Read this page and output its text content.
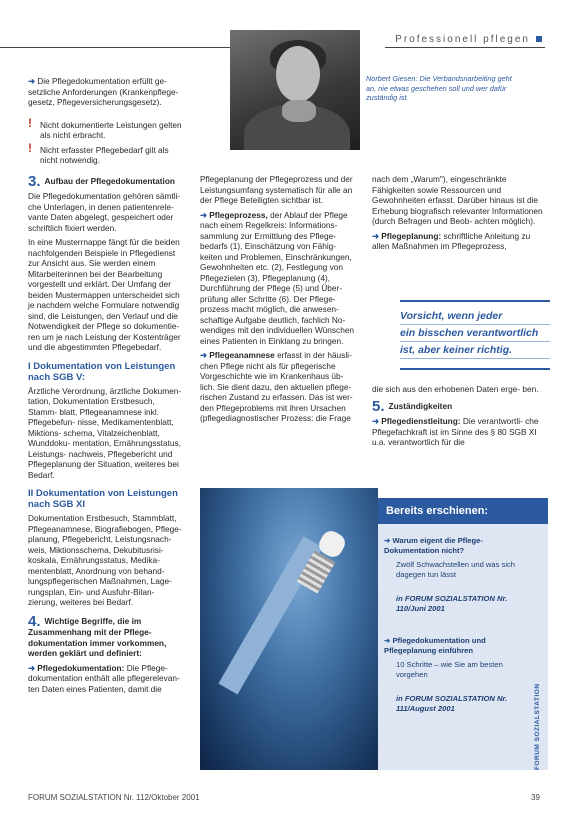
Professionell pflegen
Norbert Giesen: Die Verbandsnarbeiting geht an, nie etwas geschehen soll und wer dafür zuständig ist.

➜ Die Pflegedokumentation erfüllt ge- setzliche Anforderungen (Krankenpflege- gesetz, Pflegeversicherungsgesetz).

! Nicht dokumentierte Leistungen gelten als nicht erbracht.

! Nicht erfasster Pflegebedarf gilt als nicht notwendig.

3. Aufbau der Pflegedokumentation

Die Pflegedokumentation gehören sämtli- che Unterlagen, in denen patientenrele- vante Daten abgelegt, gespeichert oder schriftlich fixiert werden.

In eine Musterrnappe fängt für die beiden nachfolgenden Beispiele in Pflegedienst zur Ansicht aus. Sie werden einem Mitarbeiterinnen bei der Bearbeitung vorgestellt und erklärt. Der Umfang der beiden Mustermappen unterscheidet sich je nachdem welche Formulare notwendig sind, die Leistungen, den Verlauf und die Notwendigkeit der Pflege so dokumentie- ren um je nach Leistung der Kostenträger und die abgestimmten Pflegebedarf.

I Dokumentation von Leistungen nach SGB V:

Ärztliche Verordnung, ärztliche Dokumen- tation, Dokumentation Erstbesuch, Stamm- blatt, Pflegeanamnese inkl. Pflegebefun- nisse, Medikamentenblatt, Miktions- schema, Vitalzeichenblatt, Wunddoku- mentation, Ernährungsstatus, Leistungs- nachweis, Pflegebericht und Pflegeplanung der Situation, weiteres bei Bedarf.

II Dokumentation von Leistungen nach SGB XI

Dokumentation Erstbesuch, Stammblatt, Pflegeanamnese, Biografiebogen, Pflege- planung, Pflegebericht, Leistungsnach- weis, Miktionsschema, Dekubitusrisi- koskala, Ernährungsstatus, Medika- mentenblatt, Anordnung von behand- lungspflegerischen Maßnahmen, Lage- rungsplan, Ein- und Ausfuhr-Bilan- zierung, weiteres bei Bedarf.

4. Wichtige Begriffe, die im Zusammenhang mit der Pflege- dokumentation immer vorkommen, werden geklärt und definiert:

➜ Pflegedokumentation: Die Pflege- dokumentation enthält alle pflegerelevan- ten Daten eines Patienten, damit die

Pflegeplanung der Pflegeprozess und der Leistungsumfang systematisch für alle an der Pflege Beteiligten sichtbar ist.

➜ Pflegeprozess, der Ablauf der Pflege nach einem Regelkreis: Informations- sammlung zur Ermittlung des Pflege- bedarfs (1), Einschätzung von Fähig- keiten und Problemen, Einschränkungen, Gewohnheiten etc. (2), Festlegung von Pflegezielen (3), Pflegeplanung (4), Durchführung der Pflege (5) und Über- prüfung aller Schritte (6). Der Pflege- prozess macht möglich, die anwesen- schaftige Aufgabe deutlich, fachlich No- wendiges mit den individuellen Wünschen eines Patienten in Einklang zu bringen.

➜ Pflegeanamnese erfasst in der häusli- chen Pflege nicht als für pflegerische Vorgeschichte wie im Krankenhaus üb- lich. Sie dient dazu, den aktuellen pflege- rischen Zustand zu erfassen. Das ist wer- den Pflegeproblems mit ihren Ursachen (pflegediagnostischer Prozess: die Frage

nach dem „Warum"), eingeschränkte Fähigkeiten sowie Ressourcen und Gewohnheiten erfasst. Darüber hinaus ist die Erhebung biografisch relevanter Informationen (durch Befragen und Beob- achten möglich).

➜ Pflegeplanung: schriftliche Anleitung zu allen Maßnahmen im Pflegeprozess,

Vorsicht, wenn jeder
ein bisschen verantwortlich
ist, aber keiner richtig.

die sich aus den erhobenen Daten erge- ben.

5. Zuständigkeiten

➜ Pflegedienstleitung: Die verantwortli- che Pflegefachkraft ist im Sinne des § 80 SGB XI u.a. verantwortlich für die

Bereits erschienen:
➜ Warum eigent die Pflege- Dokumentation nicht?
Zwölf Schwachstellen und was sich dagegen tun lässt
in FORUM SOZIALSTATION Nr. 110/Juni 2001
➜ Pflegedokumentation und Pflegeplanung einführen
10 Schritte – wie Sie am besten vorgehen
in FORUM SOZIALSTATION Nr. 111/August 2001	FORUM SOZIALSTATION
FORUM SOZIALSTATION Nr. 112/Oktober 2001	39
